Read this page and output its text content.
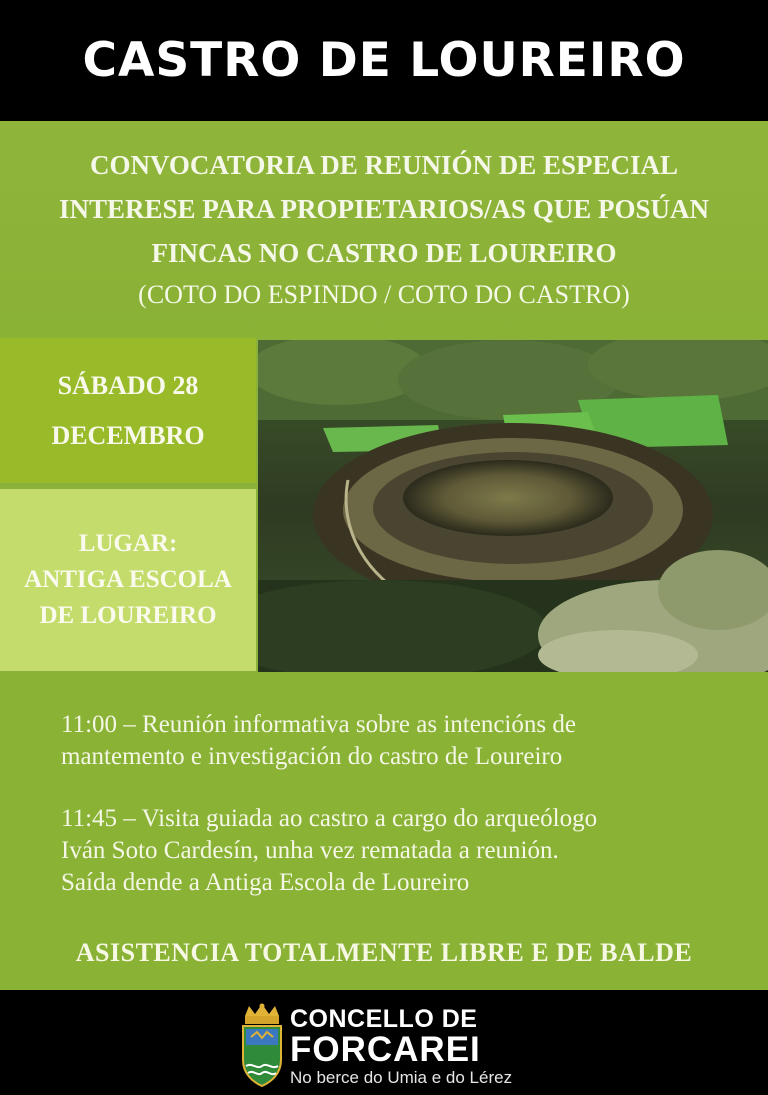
CASTRO DE LOUREIRO
CONVOCATORIA DE REUNIÓN DE ESPECIAL
INTERESE PARA PROPIETARIOS/AS QUE POSÚAN
FINCAS NO CASTRO DE LOUREIRO
(COTO DO ESPINDO / COTO DO CASTRO)
SÁBADO 28
DECEMBRO
LUGAR:
ANTIGA ESCOLA
DE LOUREIRO
11:00 – Reunión informativa sobre as intencións de
mantemento e investigación do castro de Loureiro
11:45 – Visita guiada ao castro a cargo do arqueólogo
Iván Soto Cardesín, unha vez rematada a reunión.
Saída dende a Antiga Escola de Loureiro
ASISTENCIA TOTALMENTE LIBRE E DE BALDE
CONCELLO DE
FORCAREI
No berce do Umia e do Lérez
